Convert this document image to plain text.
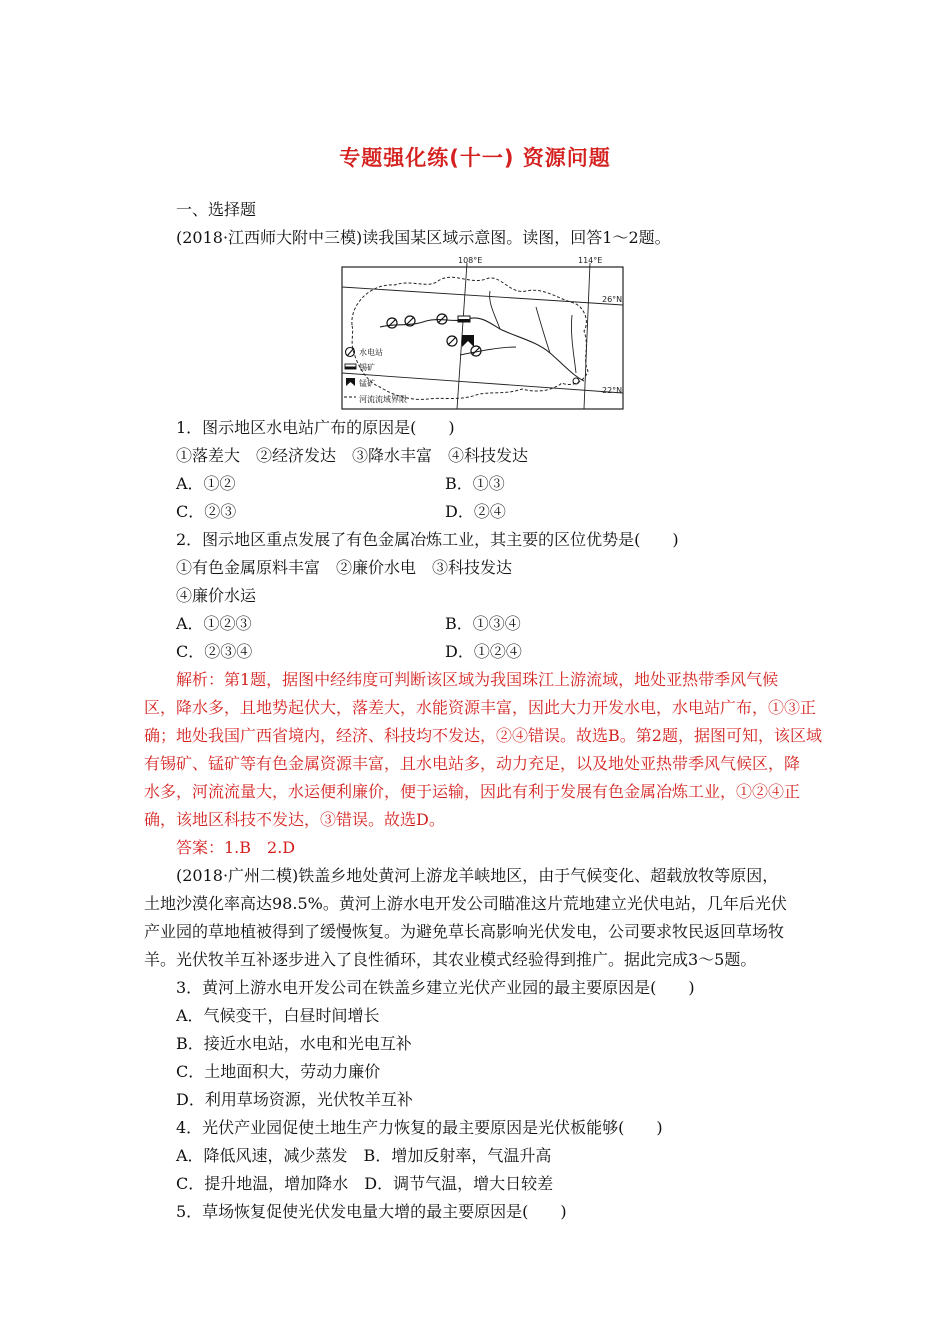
专题强化练(十一) 资源问题
一、选择题
(2018·江西师大附中三模)读我国某区域示意图。读图，回答1～2题。
108°E	114°E
26°N
22°N
水电站
锡矿
锰矿
河流流域界限
1．图示地区水电站广布的原因是(　　)
①落差大　②经济发达　③降水丰富　④科技发达
A．①②	B．①③
C．②③	D．②④
2．图示地区重点发展了有色金属冶炼工业，其主要的区位优势是(　　)
①有色金属原料丰富　②廉价水电　③科技发达
④廉价水运
A．①②③	B．①③④
C．②③④	D．①②④
解析：第1题，据图中经纬度可判断该区域为我国珠江上游流域，地处亚热带季风气候
区，降水多，且地势起伏大，落差大，水能资源丰富，因此大力开发水电，水电站广布，①③正
确；地处我国广西省境内，经济、科技均不发达，②④错误。故选B。第2题，据图可知，该区域
有锡矿、锰矿等有色金属资源丰富，且水电站多，动力充足，以及地处亚热带季风气候区，降
水多，河流流量大，水运便利廉价，便于运输，因此有利于发展有色金属冶炼工业，①②④正
确，该地区科技不发达，③错误。故选D。
答案：1.B　2.D
(2018·广州二模)铁盖乡地处黄河上游龙羊峡地区，由于气候变化、超载放牧等原因，
土地沙漠化率高达98.5%。黄河上游水电开发公司瞄准这片荒地建立光伏电站，几年后光伏
产业园的草地植被得到了缓慢恢复。为避免草长高影响光伏发电，公司要求牧民返回草场牧
羊。光伏牧羊互补逐步进入了良性循环，其农业模式经验得到推广。据此完成3～5题。
3．黄河上游水电开发公司在铁盖乡建立光伏产业园的最主要原因是(　　)
A．气候变干，白昼时间增长
B．接近水电站，水电和光电互补
C．土地面积大，劳动力廉价
D．利用草场资源，光伏牧羊互补
4．光伏产业园促使土地生产力恢复的最主要原因是光伏板能够(　　)
A．降低风速，减少蒸发　B．增加反射率，气温升高
C．提升地温，增加降水　D．调节气温，增大日较差
5．草场恢复促使光伏发电量大增的最主要原因是(　　)
